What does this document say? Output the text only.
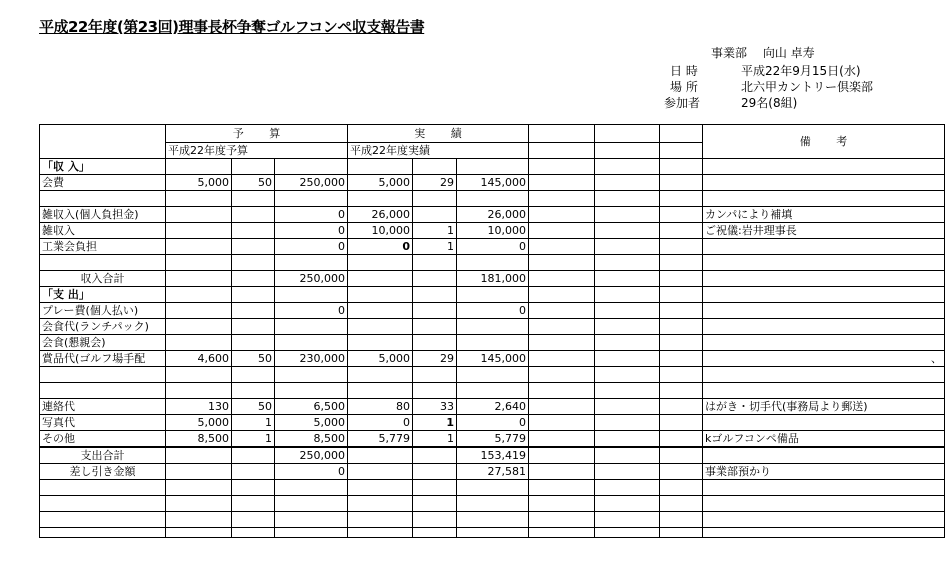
平成22年度(第23回)理事長杯争奪ゴルフコンペ収支報告書
事業部　 向山 卓寿
日 時	平成22年9月15日(水)
場 所	北六甲カントリー倶楽部
参加者	29名(8組)
	予 　　算			実 　　績						備 　　考
	平成22年度予算			平成22年度実績						
「収 入」										
会費	5,000	50	250,000	5,000	29	145,000				

雑収入(個人負担金)			0	26,000		26,000				カンパにより補填
雑収入			0	10,000	1	10,000				ご祝儀:岩井理事長
工業会負担			0	0	1	0				

収入合計			250,000			181,000				
「支 出」										
プレー費(個人払い)			0			0				
会食代(ランチパック)										
会食(懇親会)										
賞品代(ゴルフ場手配	4,600	50	230,000	5,000	29	145,000				、

連絡代	130	50	6,500	80	33	2,640				はがき・切手代(事務局より郵送)
写真代	5,000	1	5,000	0	1	0				
その他	8,500	1	8,500	5,779	1	5,779				kゴルフコンペ備品
支出合計			250,000			153,419				
差し引き金額			0			27,581				事業部預かり
